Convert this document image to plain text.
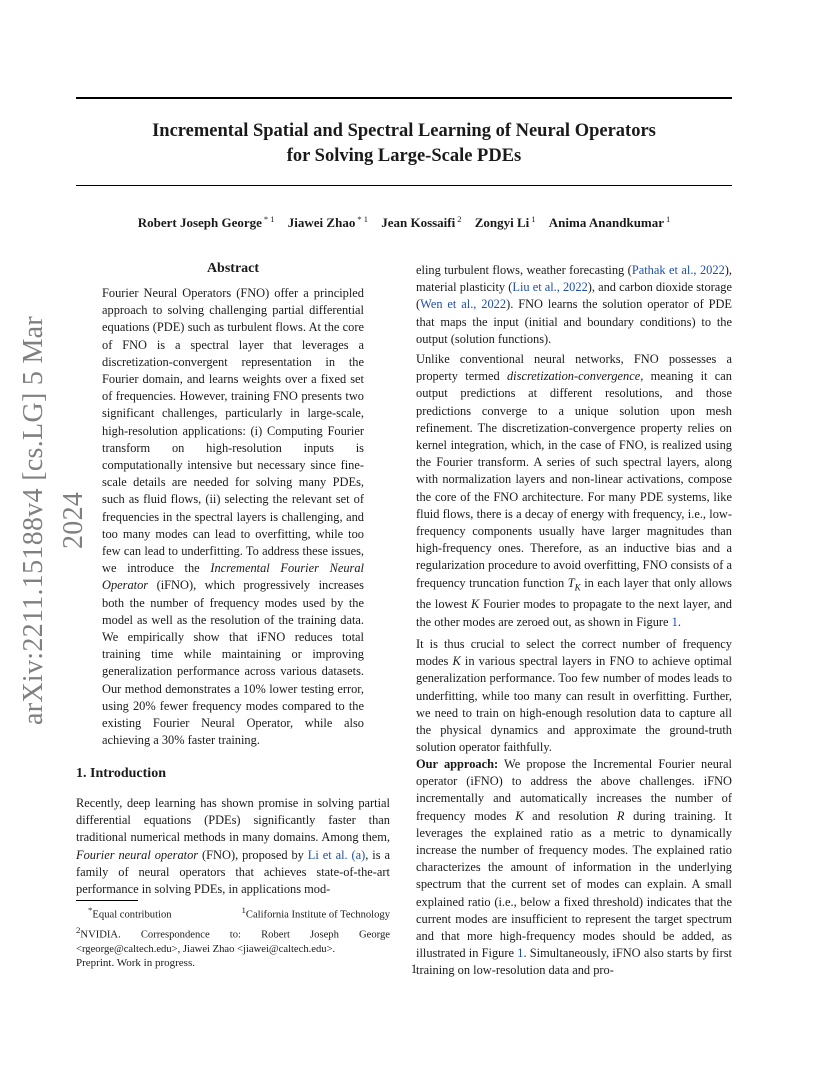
arXiv:2211.15188v4 [cs.LG] 5 Mar 2024
Incremental Spatial and Spectral Learning of Neural Operators
for Solving Large-Scale PDEs
Robert Joseph George $^{* 1}$ Jiawei Zhao $^{* 1}$ Jean Kossaifi $^2$ Zongyi Li $^1$ Anima Anandkumar $^1$
Abstract
Fourier Neural Operators (FNO) offer a principled approach to solving challenging partial differential equations (PDE) such as turbulent flows. At the core of FNO is a spectral layer that leverages a discretization-convergent representation in the Fourier domain, and learns weights over a fixed set of frequencies. However, training FNO presents two significant challenges, particularly in large-scale, high-resolution applications: (i) Computing Fourier transform on high-resolution inputs is computationally intensive but necessary since fine-scale details are needed for solving many PDEs, such as fluid flows, (ii) selecting the relevant set of frequencies in the spectral layers is challenging, and too many modes can lead to overfitting, while too few can lead to underfitting. To address these issues, we introduce the Incremental Fourier Neural Operator (iFNO), which progressively increases both the number of frequency modes used by the model as well as the resolution of the training data. We empirically show that iFNO reduces total training time while maintaining or improving generalization performance across various datasets. Our method demonstrates a 10% lower testing error, using 20% fewer frequency modes compared to the existing Fourier Neural Operator, while also achieving a 30% faster training.
1. Introduction
Recently, deep learning has shown promise in solving partial differential equations (PDEs) significantly faster than traditional numerical methods in many domains. Among them, Fourier neural operator (FNO), proposed by Li et al. (a), is a family of neural operators that achieves state-of-the-art performance in solving PDEs, in applications mod-
*Equal contribution	$^1$California Institute of Technology
$^2$NVIDIA. Correspondence to: Robert Joseph George <rgeorge@caltech.edu>, Jiawei Zhao <jiawei@caltech.edu>.
Preprint. Work in progress.
eling turbulent flows, weather forecasting (Pathak et al., 2022), material plasticity (Liu et al., 2022), and carbon dioxide storage (Wen et al., 2022). FNO learns the solution operator of PDE that maps the input (initial and boundary conditions) to the output (solution functions).
Unlike conventional neural networks, FNO possesses a property termed discretization-convergence, meaning it can output predictions at different resolutions, and those predictions converge to a unique solution upon mesh refinement. The discretization-convergence property relies on kernel integration, which, in the case of FNO, is realized using the Fourier transform. A series of such spectral layers, along with normalization layers and non-linear activations, compose the core of the FNO architecture. For many PDE systems, like fluid flows, there is a decay of energy with frequency, i.e., low-frequency components usually have larger magnitudes than high-frequency ones. Therefore, as an inductive bias and a regularization procedure to avoid overfitting, FNO consists of a frequency truncation function $T_K$ in each layer that only allows the lowest K Fourier modes to propagate to the next layer, and the other modes are zeroed out, as shown in Figure 1.
It is thus crucial to select the correct number of frequency modes K in various spectral layers in FNO to achieve optimal generalization performance. Too few number of modes leads to underfitting, while too many can result in overfitting. Further, we need to train on high-enough resolution data to capture all the physical dynamics and approximate the ground-truth solution operator faithfully.
Our approach: We propose the Incremental Fourier neural operator (iFNO) to address the above challenges. iFNO incrementally and automatically increases the number of frequency modes K and resolution R during training. It leverages the explained ratio as a metric to dynamically increase the number of frequency modes. The explained ratio characterizes the amount of information in the underlying spectrum that the current set of modes can explain. A small explained ratio (i.e., below a fixed threshold) indicates that the current modes are insufficient to represent the target spectrum and that more high-frequency modes should be added, as illustrated in Figure 1. Simultaneously, iFNO also starts by first training on low-resolution data and pro-
1
